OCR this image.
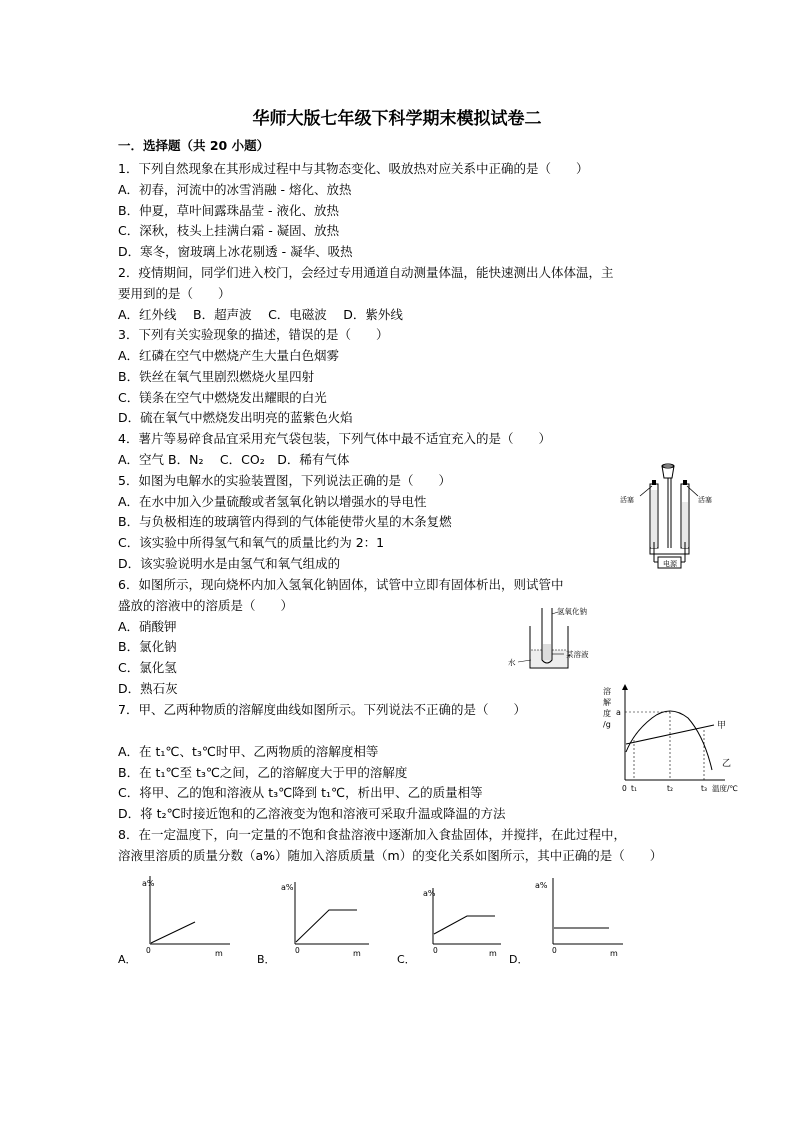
华师大版七年级下科学期末模拟试卷二
一．选择题（共 20 小题）
1．下列自然现象在其形成过程中与其物态变化、吸放热对应关系中正确的是（　　）
A．初春，河流中的冰雪消融 - 熔化、放热
B．仲夏，草叶间露珠晶莹 - 液化、放热
C．深秋，枝头上挂满白霜 - 凝固、放热
D．寒冬，窗玻璃上冰花剔透 - 凝华、吸热
2．疫情期间，同学们进入校门，会经过专用通道自动测量体温，能快速测出人体体温，主
要用到的是（　　）
A．红外线　 B．超声波　 C．电磁波　 D．紫外线
3．下列有关实验现象的描述，错误的是（　　）
A．红磷在空气中燃烧产生大量白色烟雾
B．铁丝在氧气里剧烈燃烧火星四射
C．镁条在空气中燃烧发出耀眼的白光
D．硫在氧气中燃烧发出明亮的蓝紫色火焰
4．薯片等易碎食品宜采用充气袋包装，下列气体中最不适宜充入的是（　　）
A．空气 B．N₂　 C．CO₂　D．稀有气体
5．如图为电解水的实验装置图，下列说法正确的是（　　）
A．在水中加入少量硫酸或者氢氧化钠以增强水的导电性
B．与负极相连的玻璃管内得到的气体能使带火星的木条复燃
C．该实验中所得氢气和氧气的质量比约为 2：1
D．该实验说明水是由氢气和氧气组成的
活塞	活塞
电源
6．如图所示，现向烧杯内加入氢氧化钠固体，试管中立即有固体析出，则试管中
盛放的溶液中的溶质是（　　）
A．硝酸钾
B．氯化钠
C．氯化氢
D．熟石灰
氢氧化钠
某溶液
水
7．甲、乙两种物质的溶解度曲线如图所示。下列说法不正确的是（　　）
A．在 t₁℃、t₃℃时甲、乙两物质的溶解度相等
B．在 t₁℃至 t₃℃之间，乙的溶解度大于甲的溶解度
C．将甲、乙的饱和溶液从 t₃℃降到 t₁℃，析出甲、乙的质量相等
D．将 t₂℃时接近饱和的乙溶液变为饱和溶液可采取升温或降温的方法
溶
解
度
/g
a
甲
乙
0 t₁	t₂	t₃ 温度/℃
8．在一定温度下，向一定量的不饱和食盐溶液中逐渐加入食盐固体，并搅拌，在此过程中，
溶液里溶质的质量分数（a%）随加入溶质质量（m）的变化关系如图所示，其中正确的是（　　）
a%
0	m
A．
a%
0	m
B．
a%
0	m
C．
a%
0	m
D．
